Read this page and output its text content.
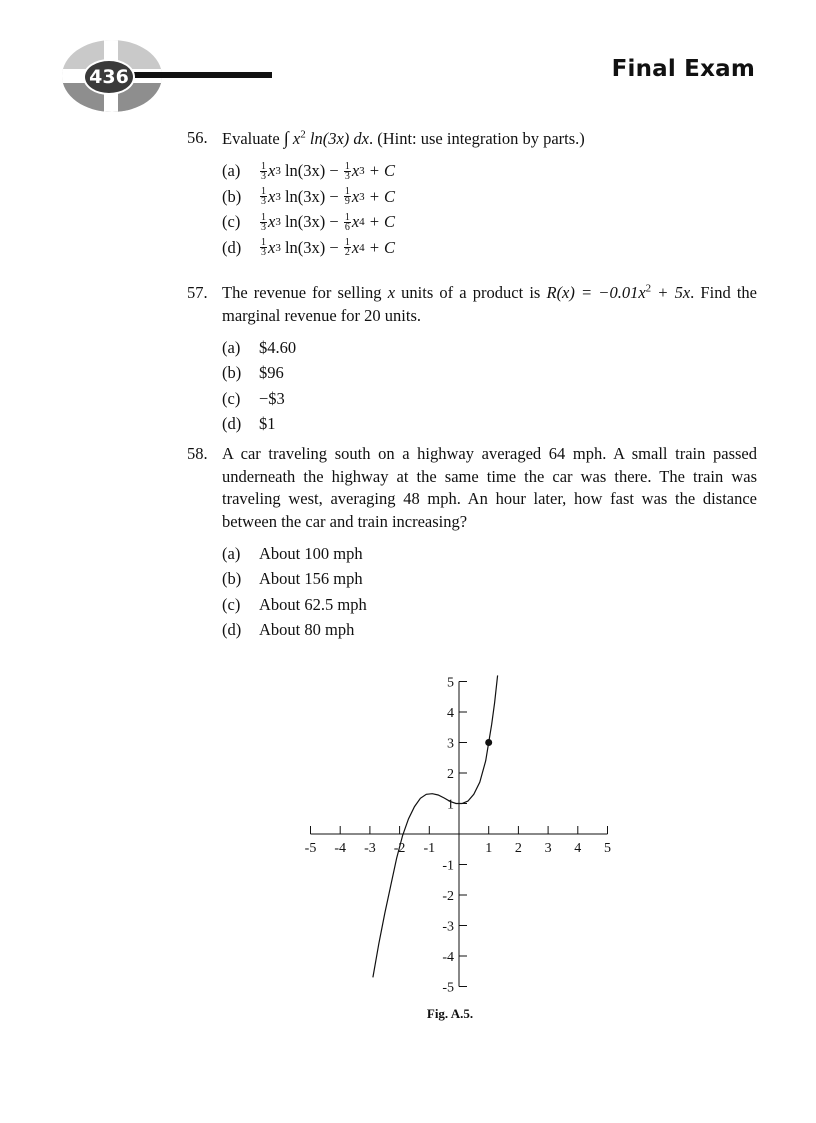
436	Final Exam
56. Evaluate ∫ $x^2$ ln(3x) dx. (Hint: use integration by parts.)
(a)	$\frac{1}{3}$ x 3 $\ln(3x) - \frac{1}{3}$ x 3 + C
(b)	$\frac{1}{3}$ x 3 $\ln(3x) - \frac{1}{9}$ x 3 + C
(c)	$\frac{1}{3}$ x 3 $\ln(3x) - \frac{1}{6}$ x 4 + C
(d)	$\frac{1}{3}$ x 3 $\ln(3x) - \frac{1}{2}$ x 4 + C
57. The revenue for selling x units of a product is $R(x) = -0.01x^2 + 5x$. Find the marginal revenue for 20 units.
(a)	$4.60
(b)	$96
(c)	−$3
(d)	$1
58. A car traveling south on a highway averaged 64 mph. A small train passed underneath the highway at the same time the car was there. The train was traveling west, averaging 48 mph. An hour later, how fast was the distance between the car and train increasing?
(a)	About 100 mph
(b)	About 156 mph
(c)	About 62.5 mph
(d)	About 80 mph
-5 -4 -3 -2 -1	1 2 3 4 5
-5
-4
-3
-2
-1
1
2
3
4
5
Fig. A.5.
